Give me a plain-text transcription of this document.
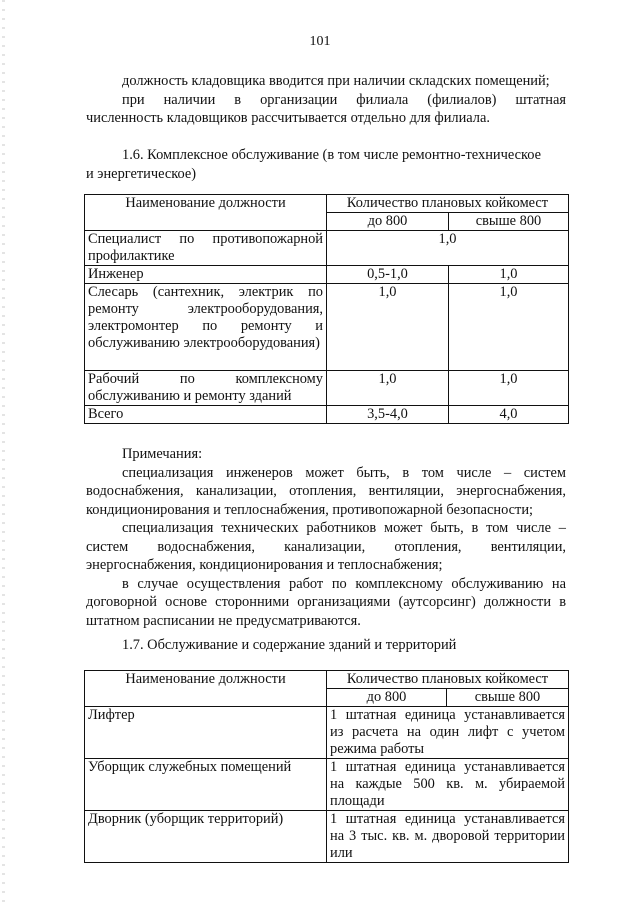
101
должность кладовщика вводится при наличии складских помещений;
при наличии в организации филиала (филиалов) штатная
численность кладовщиков рассчитывается отдельно для филиала.
1.6. Комплексное обслуживание (в том числе ремонтно-техническое
и энергетическое)
Наименование должности	Количество плановых койкомест	
	до 800	свыше 800
Специалист по противопожарной профилактике	1,0	
Инженер	0,5-1,0	1,0
Слесарь (сантехник, электрик по ремонту электрооборудования, электромонтер по ремонту и обслуживанию электрооборудования)	1,0	1,0
Рабочий по комплексному обслуживанию и ремонту зданий	1,0	1,0
Всего	3,5-4,0	4,0
Примечания:
специализация инженеров может быть, в том числе – систем водоснабжения, канализации, отопления, вентиляции, энергоснабжения, кондиционирования и теплоснабжения, противопожарной безопасности;
специализация технических работников может быть, в том числе – систем водоснабжения, канализации, отопления, вентиляции, энергоснабжения, кондиционирования и теплоснабжения;
в случае осуществления работ по комплексному обслуживанию на договорной основе сторонними организациями (аутсорсинг) должности в штатном расписании не предусматриваются.
1.7. Обслуживание и содержание зданий и территорий
Наименование должности	Количество плановых койкомест	
	до 800	свыше 800
Лифтер	1 штатная единица устанавливается из расчета на один лифт с учетом режима работы	
Уборщик служебных помещений	1 штатная единица устанавливается на каждые 500 кв. м. убираемой площади	
Дворник (уборщик территорий)	1 штатная единица устанавливается на 3 тыс. кв. м. дворовой территории или	
